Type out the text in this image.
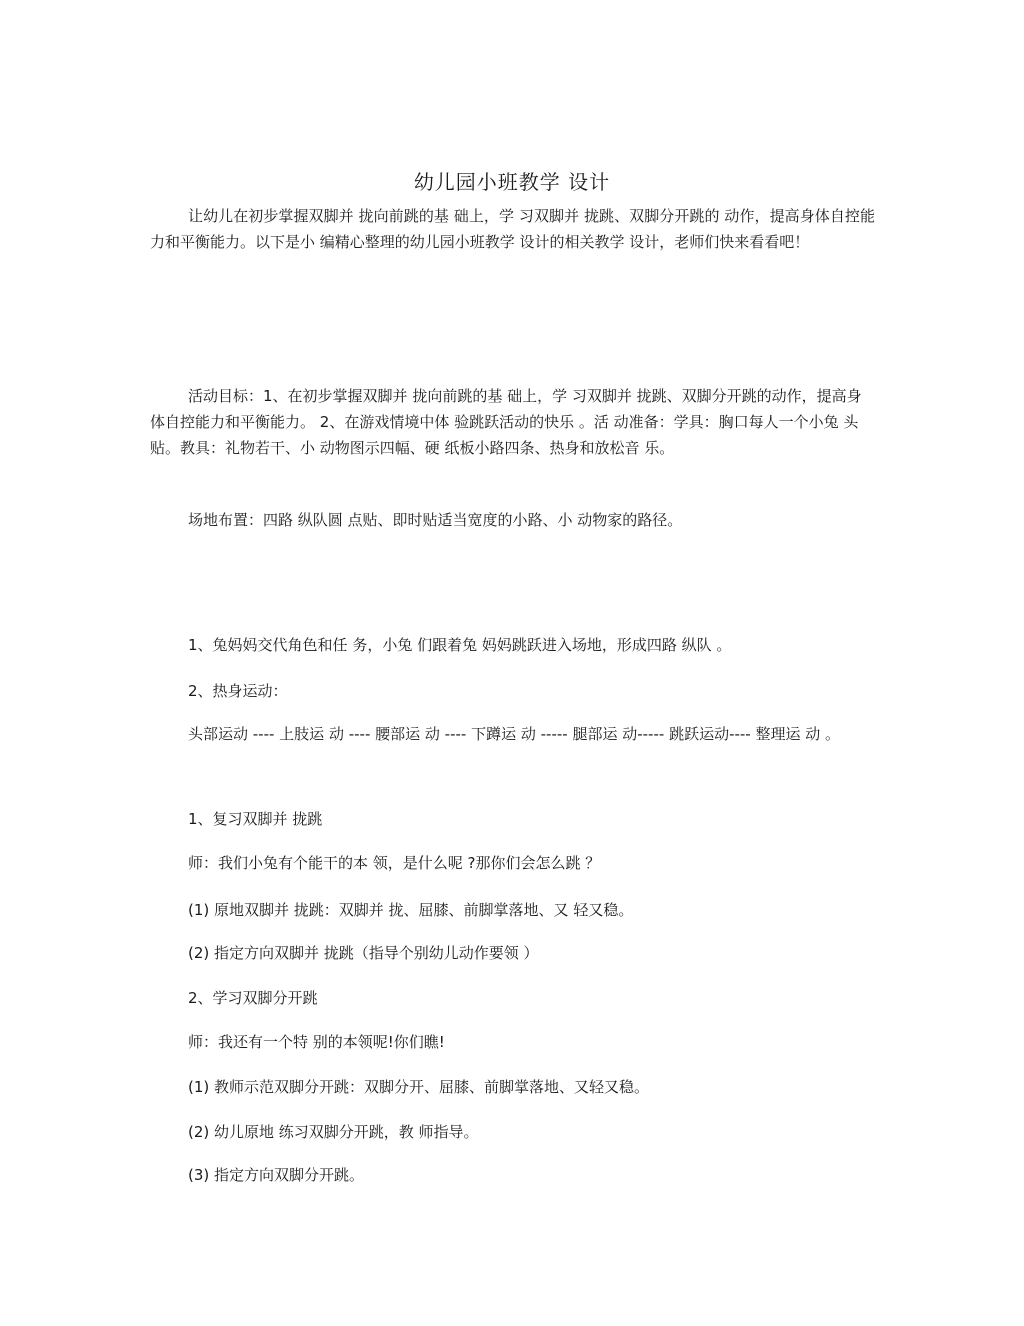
幼儿园小班教学 设计

让幼儿在初步掌握双脚并 拢向前跳的基 础上，学 习双脚并 拢跳、双脚分开跳的 动作，提高身体自控能力和平衡能力。以下是小 编精心整理的幼儿园小班教学 设计的相关教学 设计，老师们快来看看吧！

活动目标：1、在初步掌握双脚并 拢向前跳的基 础上，学 习双脚并 拢跳、双脚分开跳的动作，提高身体自控能力和平衡能力。 2、在游戏情境中体 验跳跃活动的快乐 。活 动准备：学具：胸口每人一个小兔 头贴。教具：礼物若干、小 动物图示四幅、硬 纸板小路四条、热身和放松音 乐。

场地布置：四路 纵队圆 点贴、即时贴适当宽度的小路、小 动物家的路径。

1、兔妈妈交代角色和任 务，小兔 们跟着兔 妈妈跳跃进入场地，形成四路 纵队 。

2、热身运动：

头部运动 ---- 上肢运 动 ---- 腰部运 动 ---- 下蹲运 动 ----- 腿部运 动----- 跳跃运动---- 整理运 动 。

1、复习双脚并 拢跳

师：我们小兔有个能干的本 领，是什么呢 ?那你们会怎么跳 ？

(1) 原地双脚并 拢跳：双脚并 拢、屈膝、前脚掌落地、又 轻又稳。

(2) 指定方向双脚并 拢跳（指导个别幼儿动作要领 ）

2、学习双脚分开跳

师：我还有一个特 别的本领呢!你们瞧!

(1) 教师示范双脚分开跳：双脚分开、屈膝、前脚掌落地、又轻又稳。

(2) 幼儿原地 练习双脚分开跳，教 师指导。

(3) 指定方向双脚分开跳。
